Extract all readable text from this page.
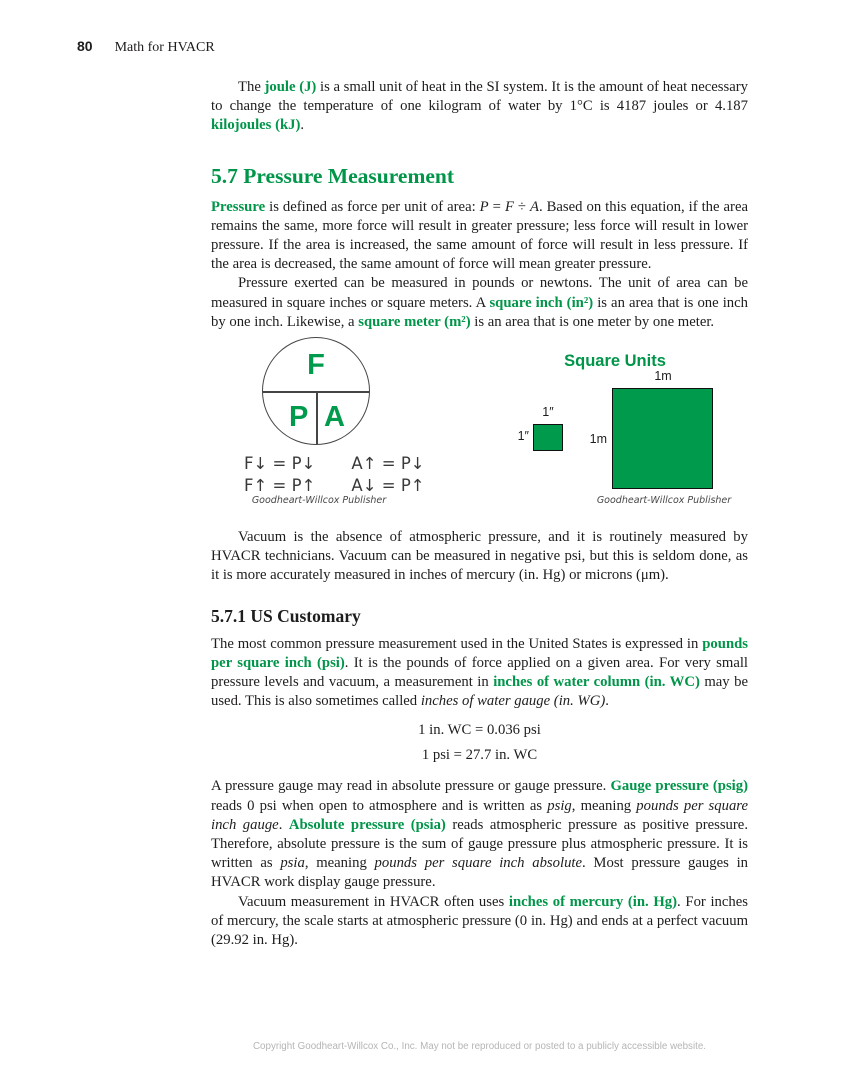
80 Math for HVACR

The joule (J) is a small unit of heat in the SI system. It is the amount of heat necessary to change the temperature of one kilogram of water by 1°C is 4187 joules or 4.187 kilojoules (kJ).

5.7 Pressure Measurement

Pressure is defined as force per unit of area: P = F ÷ A. Based on this equation, if the area remains the same, more force will result in greater pressure; less force will result in lower pressure. If the area is increased, the same amount of force will result in less pressure. If the area is decreased, the same amount of force will mean greater pressure.

Pressure exerted can be measured in pounds or newtons. The unit of area can be measured in square inches or square meters. A square inch (in²) is an area that is one inch by one inch. Likewise, a square meter (m²) is an area that is one meter by one meter.

F
P A
F↓ = P↓ A↑ = P↓
F↑ = P↑ A↓ = P↑
Goodheart-Willcox Publisher
Square Units
1″
1″
1m
1m
Goodheart-Willcox Publisher

Vacuum is the absence of atmospheric pressure, and it is routinely measured by HVACR technicians. Vacuum can be measured in negative psi, but this is seldom done, as it is more accurately measured in inches of mercury (in. Hg) or microns (μm).

5.7.1 US Customary

The most common pressure measurement used in the United States is expressed in pounds per square inch (psi). It is the pounds of force applied on a given area. For very small pressure levels and vacuum, a measurement in inches of water column (in. WC) may be used. This is also sometimes called inches of water gauge (in. WG).

1 in. WC = 0.036 psi
1 psi = 27.7 in. WC

A pressure gauge may read in absolute pressure or gauge pressure. Gauge pressure (psig) reads 0 psi when open to atmosphere and is written as psig, meaning pounds per square inch gauge. Absolute pressure (psia) reads atmospheric pressure as positive pressure. Therefore, absolute pressure is the sum of gauge pressure plus atmospheric pressure. It is written as psia, meaning pounds per square inch absolute. Most pressure gauges in HVACR work display gauge pressure.

Vacuum measurement in HVACR often uses inches of mercury (in. Hg). For inches of mercury, the scale starts at atmospheric pressure (0 in. Hg) and ends at a perfect vacuum (29.92 in. Hg).

Copyright Goodheart-Willcox Co., Inc. May not be reproduced or posted to a publicly accessible website.
